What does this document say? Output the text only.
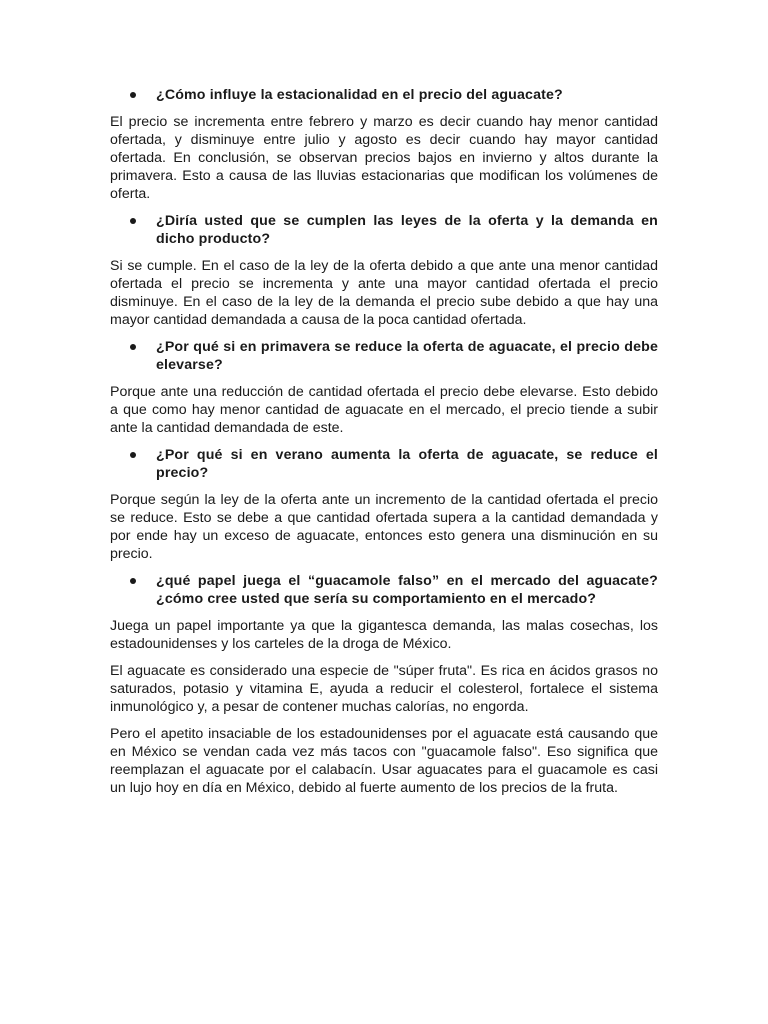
¿Cómo influye la estacionalidad en el precio del aguacate?

El precio se incrementa entre febrero y marzo es decir cuando hay menor cantidad ofertada, y disminuye entre julio y agosto es decir cuando hay mayor cantidad ofertada. En conclusión, se observan precios bajos en invierno y altos durante la primavera. Esto a causa de las lluvias estacionarias que modifican los volúmenes de oferta.

¿Diría usted que se cumplen las leyes de la oferta y la demanda en dicho producto?

Si se cumple. En el caso de la ley de la oferta debido a que ante una menor cantidad ofertada el precio se incrementa y ante una mayor cantidad ofertada el precio disminuye. En el caso de la ley de la demanda el precio sube debido a que hay una mayor cantidad demandada a causa de la poca cantidad ofertada.

¿Por qué si en primavera se reduce la oferta de aguacate, el precio debe elevarse?

Porque ante una reducción de cantidad ofertada el precio debe elevarse. Esto debido a que como hay menor cantidad de aguacate en el mercado, el precio tiende a subir ante la cantidad demandada de este.

¿Por qué si en verano aumenta la oferta de aguacate, se reduce el precio?

Porque según la ley de la oferta ante un incremento de la cantidad ofertada el precio se reduce. Esto se debe a que cantidad ofertada supera a la cantidad demandada y por ende hay un exceso de aguacate, entonces esto genera una disminución en su precio.

¿qué papel juega el “guacamole falso” en el mercado del aguacate? ¿cómo cree usted que sería su comportamiento en el mercado?

Juega un papel importante ya que la gigantesca demanda, las malas cosechas, los estadounidenses y los carteles de la droga de México.

El aguacate es considerado una especie de "súper fruta". Es rica en ácidos grasos no saturados, potasio y vitamina E, ayuda a reducir el colesterol, fortalece el sistema inmunológico y, a pesar de contener muchas calorías, no engorda.

Pero el apetito insaciable de los estadounidenses por el aguacate está causando que en México se vendan cada vez más tacos con "guacamole falso". Eso significa que reemplazan el aguacate por el calabacín. Usar aguacates para el guacamole es casi un lujo hoy en día en México, debido al fuerte aumento de los precios de la fruta.
